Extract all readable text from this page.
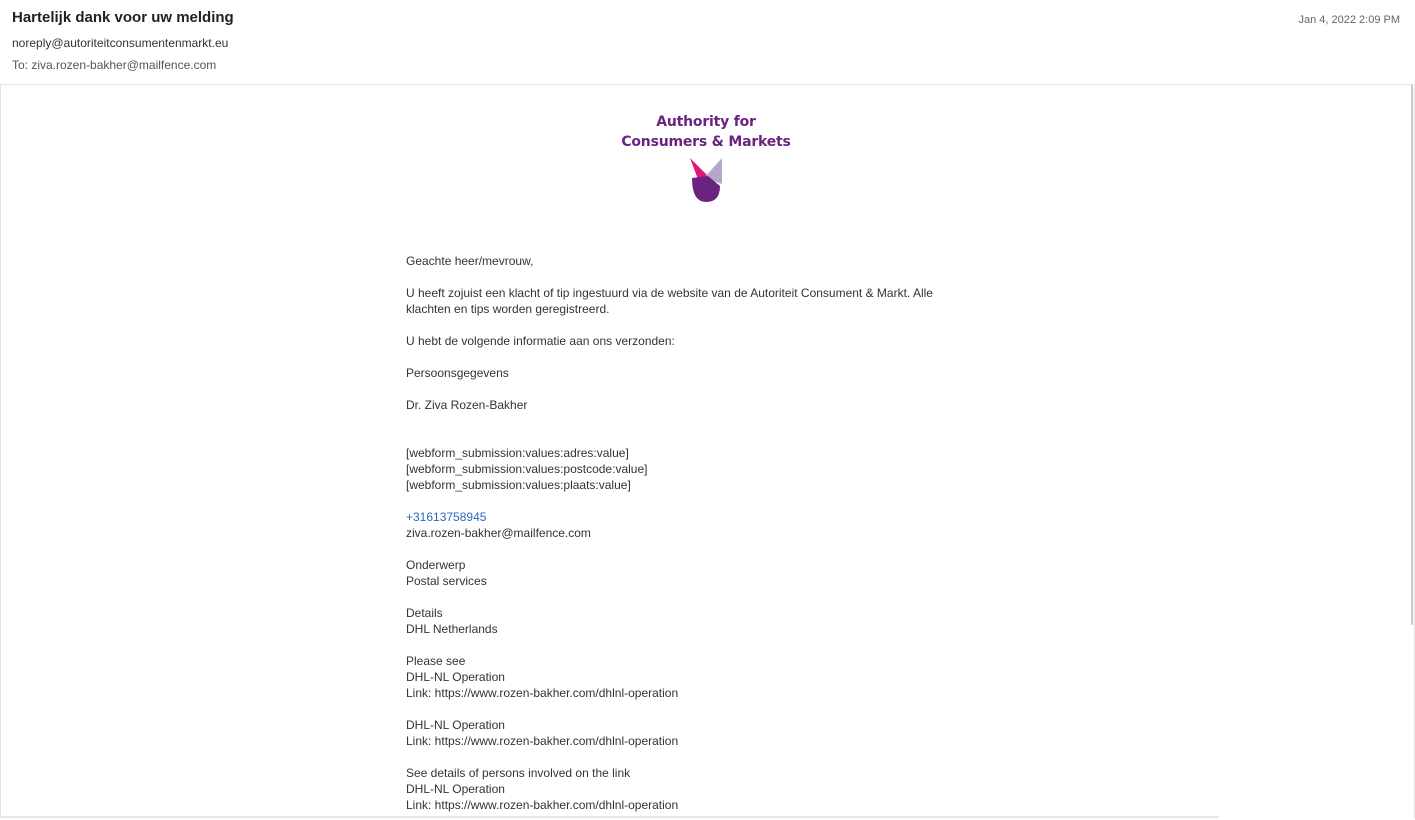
Hartelijk dank voor uw melding
noreply@autoriteitconsumentenmarkt.eu
To: ziva.rozen-bakher@mailfence.com
Jan 4, 2022 2:09 PM
Authority for
Consumers & Markets

Geachte heer/mevrouw,

U heeft zojuist een klacht of tip ingestuurd via de website van de Autoriteit Consument & Markt. Alle
klachten en tips worden geregistreerd.

U hebt de volgende informatie aan ons verzonden:

Persoonsgegevens

Dr. Ziva Rozen-Bakher

[webform_submission:values:adres:value]
[webform_submission:values:postcode:value]
[webform_submission:values:plaats:value]

+31613758945
ziva.rozen-bakher@mailfence.com

Onderwerp
Postal services

Details
DHL Netherlands

Please see
DHL-NL Operation
Link: https://www.rozen-bakher.com/dhlnl-operation

DHL-NL Operation
Link: https://www.rozen-bakher.com/dhlnl-operation

See details of persons involved on the link
DHL-NL Operation
Link: https://www.rozen-bakher.com/dhlnl-operation
